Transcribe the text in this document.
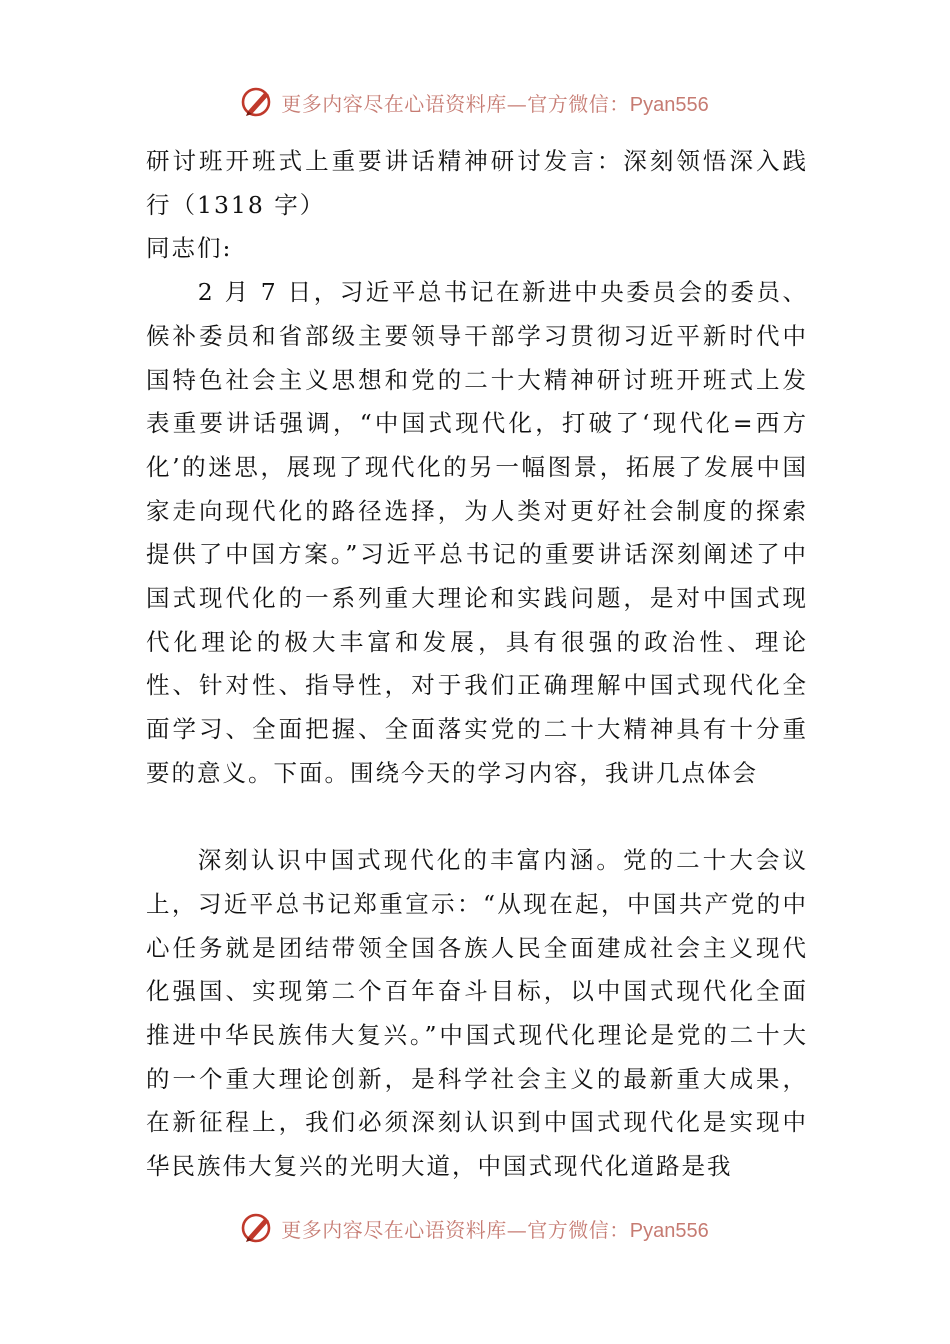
更多内容尽在心语资料库—官方微信：Pyan556

研讨班开班式上重要讲话精神研讨发言：深刻领悟深入践行（1318 字）

同志们:

2 月 7 日，习近平总书记在新进中央委员会的委员、候补委员和省部级主要领导干部学习贯彻习近平新时代中国特色社会主义思想和党的二十大精神研讨班开班式上发表重要讲话强调，“中国式现代化，打破了‘现代化=西方化’的迷思，展现了现代化的另一幅图景，拓展了发展中国家走向现代化的路径选择，为人类对更好社会制度的探索提供了中国方案。”习近平总书记的重要讲话深刻阐述了中国式现代化的一系列重大理论和实践问题，是对中国式现代化理论的极大丰富和发展，具有很强的政治性、理论性、针对性、指导性，对于我们正确理解中国式现代化全面学习、全面把握、全面落实党的二十大精神具有十分重要的意义。下面。围绕今天的学习内容，我讲几点体会

深刻认识中国式现代化的丰富内涵。党的二十大会议上，习近平总书记郑重宣示：“从现在起，中国共产党的中心任务就是团结带领全国各族人民全面建成社会主义现代化强国、实现第二个百年奋斗目标，以中国式现代化全面推进中华民族伟大复兴。”中国式现代化理论是党的二十大的一个重大理论创新，是科学社会主义的最新重大成果，在新征程上，我们必须深刻认识到中国式现代化是实现中华民族伟大复兴的光明大道，中国式现代化道路是我

更多内容尽在心语资料库—官方微信：Pyan556
